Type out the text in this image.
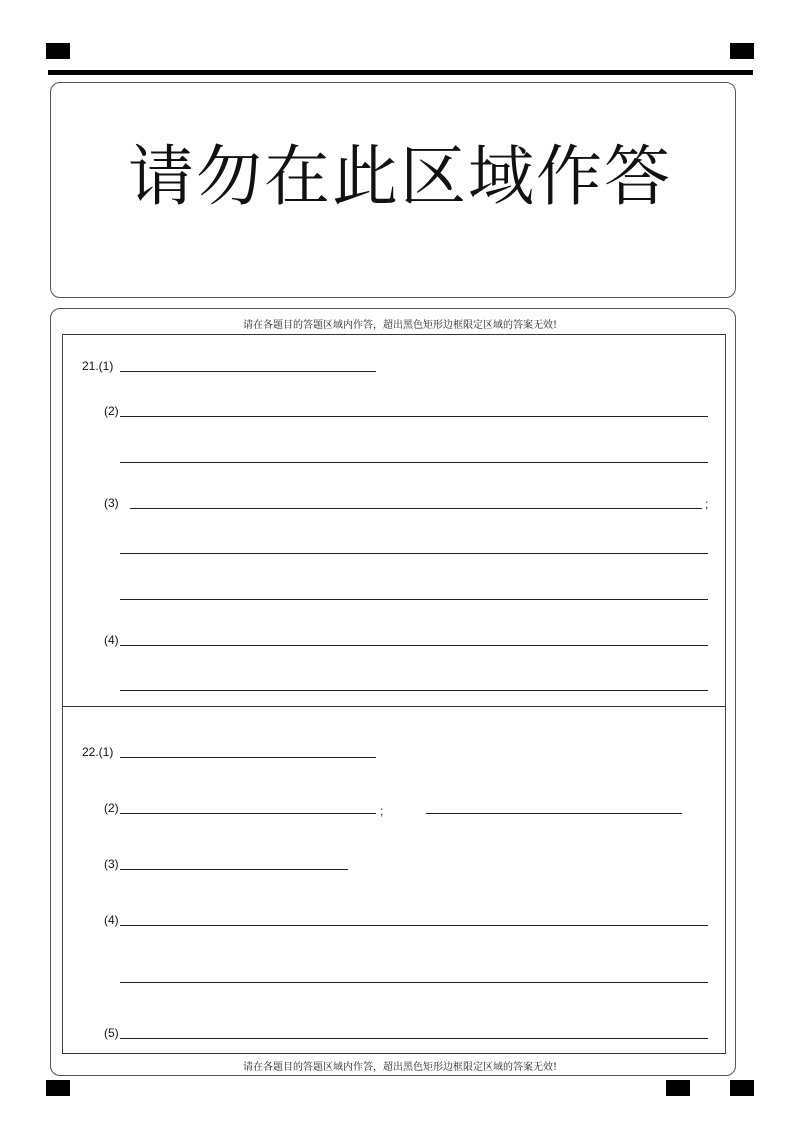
请勿在此区域作答
请在各题目的答题区域内作答，超出黑色矩形边框限定区域的答案无效!
21.(1)
(2)
(3)	;
(4)
22.(1)
(2)	;
(3)
(4)
(5)
请在各题目的答题区域内作答，超出黑色矩形边框限定区域的答案无效!
